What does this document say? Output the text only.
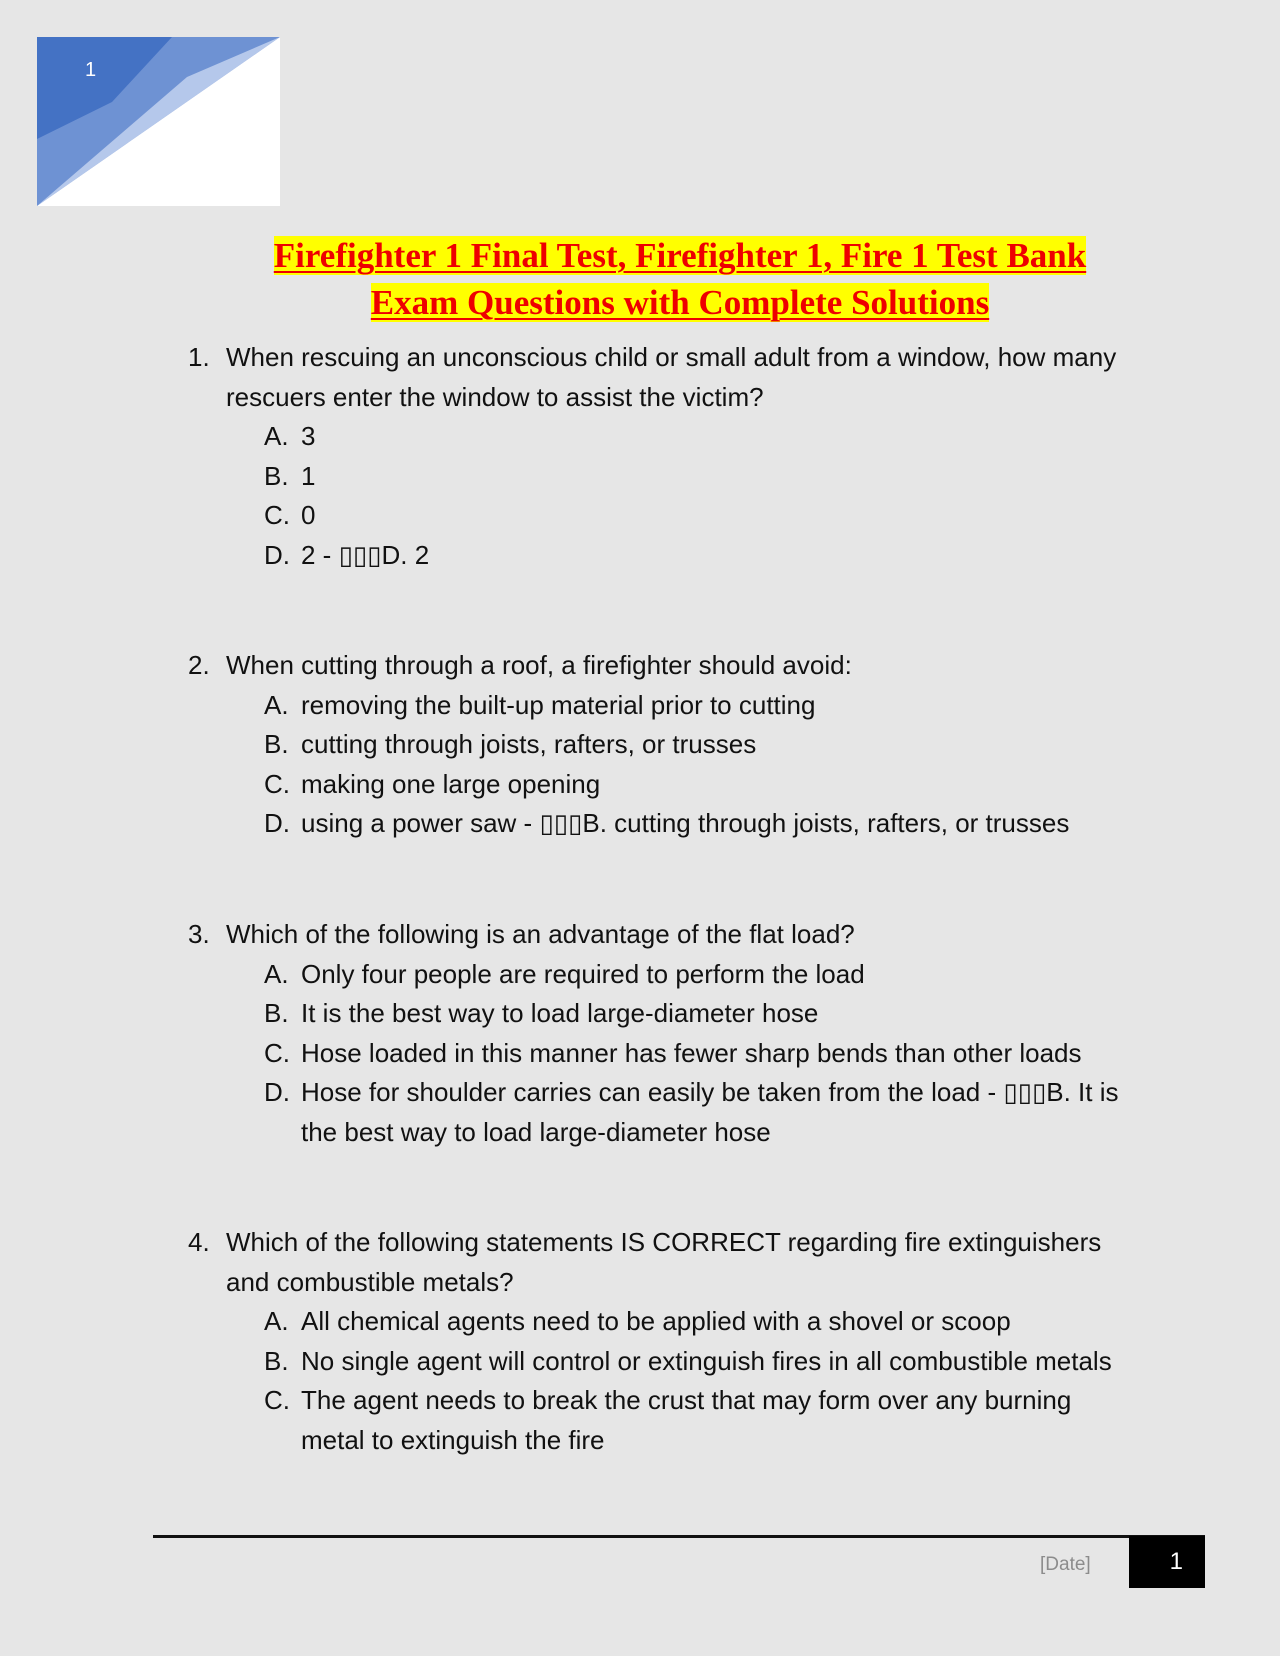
1
Firefighter 1 Final Test, Firefighter 1, Fire 1 Test Bank
Exam Questions with Complete Solutions
1. When rescuing an unconscious child or small adult from a window, how many rescuers enter the window to assist the victim?
A. 3
B. 1
C. 0
D. 2 - ▯▯▯D. 2
2. When cutting through a roof, a firefighter should avoid:
A. removing the built-up material prior to cutting
B. cutting through joists, rafters, or trusses
C. making one large opening
D. using a power saw - ▯▯▯B. cutting through joists, rafters, or trusses
3. Which of the following is an advantage of the flat load?
A. Only four people are required to perform the load
B. It is the best way to load large-diameter hose
C. Hose loaded in this manner has fewer sharp bends than other loads
D. Hose for shoulder carries can easily be taken from the load - ▯▯▯B. It is the best way to load large-diameter hose
4. Which of the following statements IS CORRECT regarding fire extinguishers and combustible metals?
A. All chemical agents need to be applied with a shovel or scoop
B. No single agent will control or extinguish fires in all combustible metals
C. The agent needs to break the crust that may form over any burning metal to extinguish the fire
[Date]	1
